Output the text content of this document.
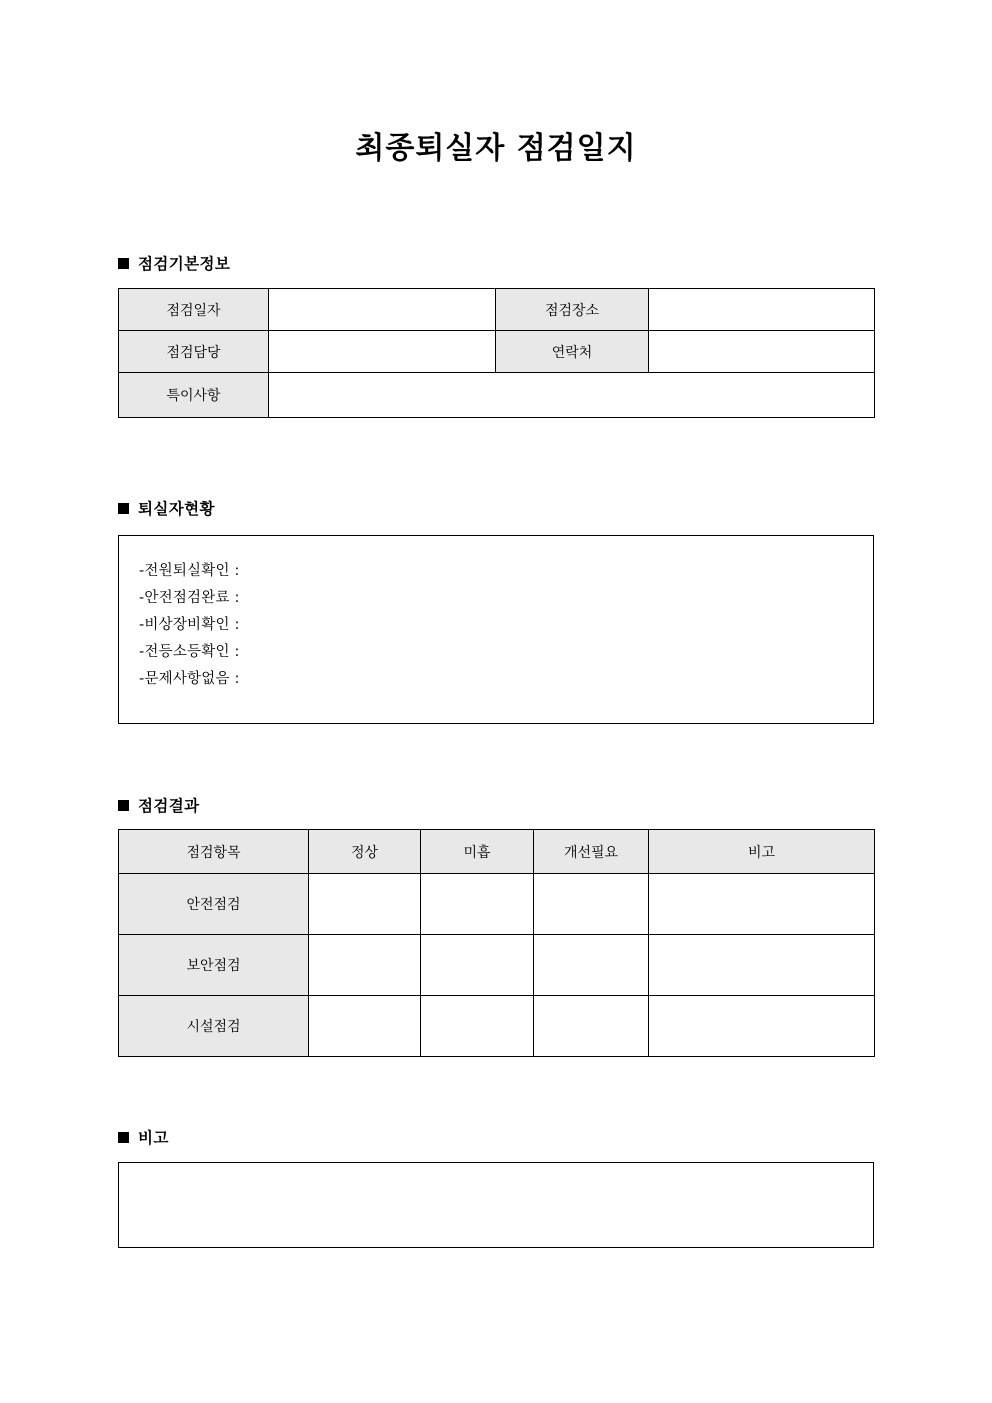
최종퇴실자 점검일지
점검기본정보
점검일자		점검장소	
점검담당		연락처	
특이사항			
퇴실자현황
-전원퇴실확인 :
-안전점검완료 :
-비상장비확인 :
-전등소등확인 :
-문제사항없음 :
점검결과
점검항목	정상	미흡	개선필요	비고
안전점검				
보안점검				
시설점검				
비고
